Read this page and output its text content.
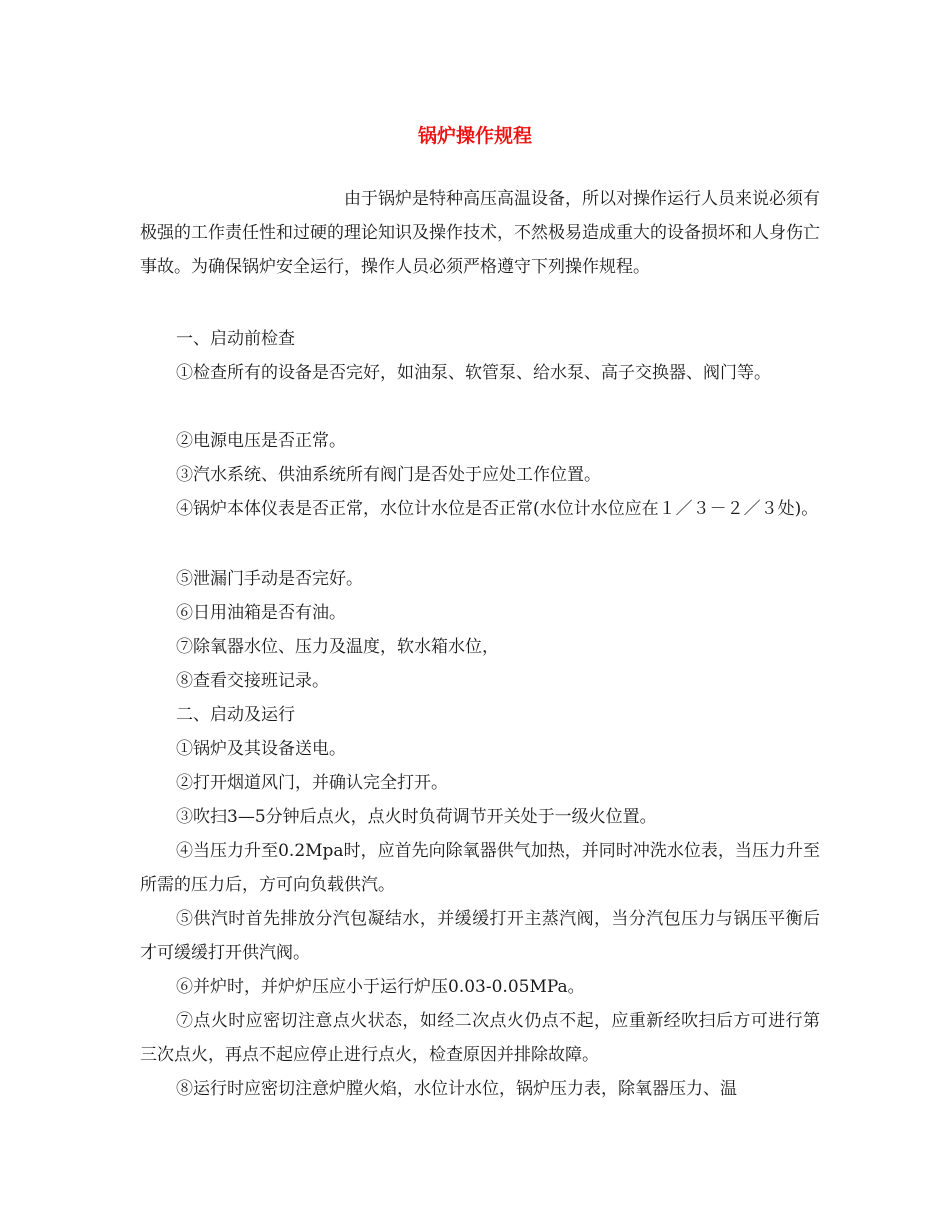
锅炉操作规程

由于锅炉是特种高压高温设备，所以对操作运行人员来说必须有极强的工作责任性和过硬的理论知识及操作技术，不然极易造成重大的设备损坏和人身伤亡事故。为确保锅炉安全运行，操作人员必须严格遵守下列操作规程。

一、启动前检查

①检查所有的设备是否完好，如油泵、软管泵、给水泵、高子交换器、阀门等。

②电源电压是否正常。

③汽水系统、供油系统所有阀门是否处于应处工作位置。

④锅炉本体仪表是否正常，水位计水位是否正常(水位计水位应在１／３－２／３处)。

⑤泄漏门手动是否完好。

⑥日用油箱是否有油。

⑦除氧器水位、压力及温度，软水箱水位，

⑧查看交接班记录。

二、启动及运行

①锅炉及其设备送电。

②打开烟道风门，并确认完全打开。

③吹扫3—5分钟后点火，点火时负荷调节开关处于一级火位置。

④当压力升至0.2Mpa时，应首先向除氧器供气加热，并同时冲洗水位表，当压力升至所需的压力后，方可向负载供汽。

⑤供汽时首先排放分汽包凝结水，并缓缓打开主蒸汽阀，当分汽包压力与锅压平衡后才可缓缓打开供汽阀。

⑥并炉时，并炉炉压应小于运行炉压0.03-0.05MPa。

⑦点火时应密切注意点火状态，如经二次点火仍点不起，应重新经吹扫后方可进行第三次点火，再点不起应停止进行点火，检查原因并排除故障。

⑧运行时应密切注意炉膛火焰，水位计水位，锅炉压力表，除氧器压力、温
